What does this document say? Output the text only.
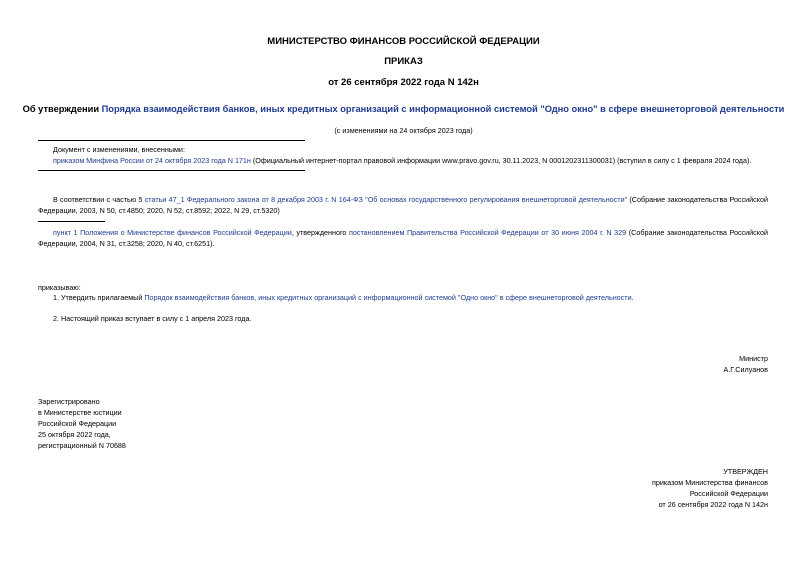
МИНИСТЕРСТВО ФИНАНСОВ РОССИЙСКОЙ ФЕДЕРАЦИИ
ПРИКАЗ
от 26 сентября 2022 года N 142н
Об утверждении Порядка взаимодействия банков, иных кредитных организаций с информационной системой "Одно окно" в сфере внешнеторговой деятельности
(с изменениями на 24 октября 2023 года)
Документ с изменениями, внесенными:
приказом Минфина России от 24 октября 2023 года N 171н (Официальный интернет-портал правовой информации www.pravo.gov.ru, 30.11.2023, N 0001202311300031) (вступил в силу с 1 февраля 2024 года).
В соответствии с частью 5 статьи 47_1 Федерального закона от 8 декабря 2003 г. N 164-ФЗ "Об основах государственного регулирования внешнеторговой деятельности" (Собрание законодательства Российской Федерации, 2003, N 50, ст.4850; 2020, N 52, ст.8592; 2022, N 29, ст.5320)
пункт 1 Положения о Министерстве финансов Российской Федерации, утвержденного постановлением Правительства Российской Федерации от 30 июня 2004 г. N 329 (Собрание законодательства Российской Федерации, 2004, N 31, ст.3258; 2020, N 40, ст.6251).
приказываю:
1. Утвердить прилагаемый Порядок взаимодействия банков, иных кредитных организаций с информационной системой "Одно окно" в сфере внешнеторговой деятельности.
2. Настоящий приказ вступает в силу с 1 апреля 2023 года.
Министр
А.Г.Силуанов
Зарегистрировано
в Министерстве юстиции
Российской Федерации
25 октября 2022 года,
регистрационный N 70688
УТВЕРЖДЕН
приказом Министерства финансов
Российской Федерации
от 26 сентября 2022 года N 142н
